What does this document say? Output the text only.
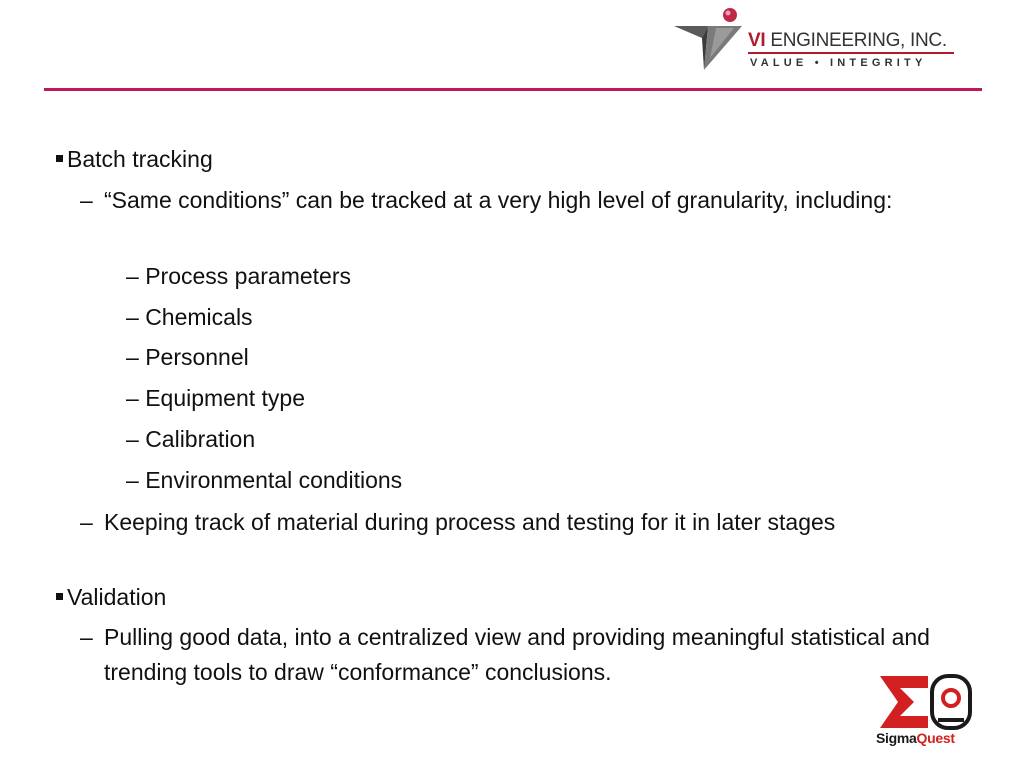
VI ENGINEERING, INC.
VALUE • INTEGRITY
Batch tracking
– “Same conditions” can be tracked at a very high level of granularity, including:
– Process parameters
– Chemicals
– Personnel
– Equipment type
– Calibration
– Environmental conditions
– Keeping track of material during process and testing for it in later stages
Validation
– Pulling good data, into a centralized view and providing meaningful statistical and trending tools to draw “conformance” conclusions.
SigmaQuest
